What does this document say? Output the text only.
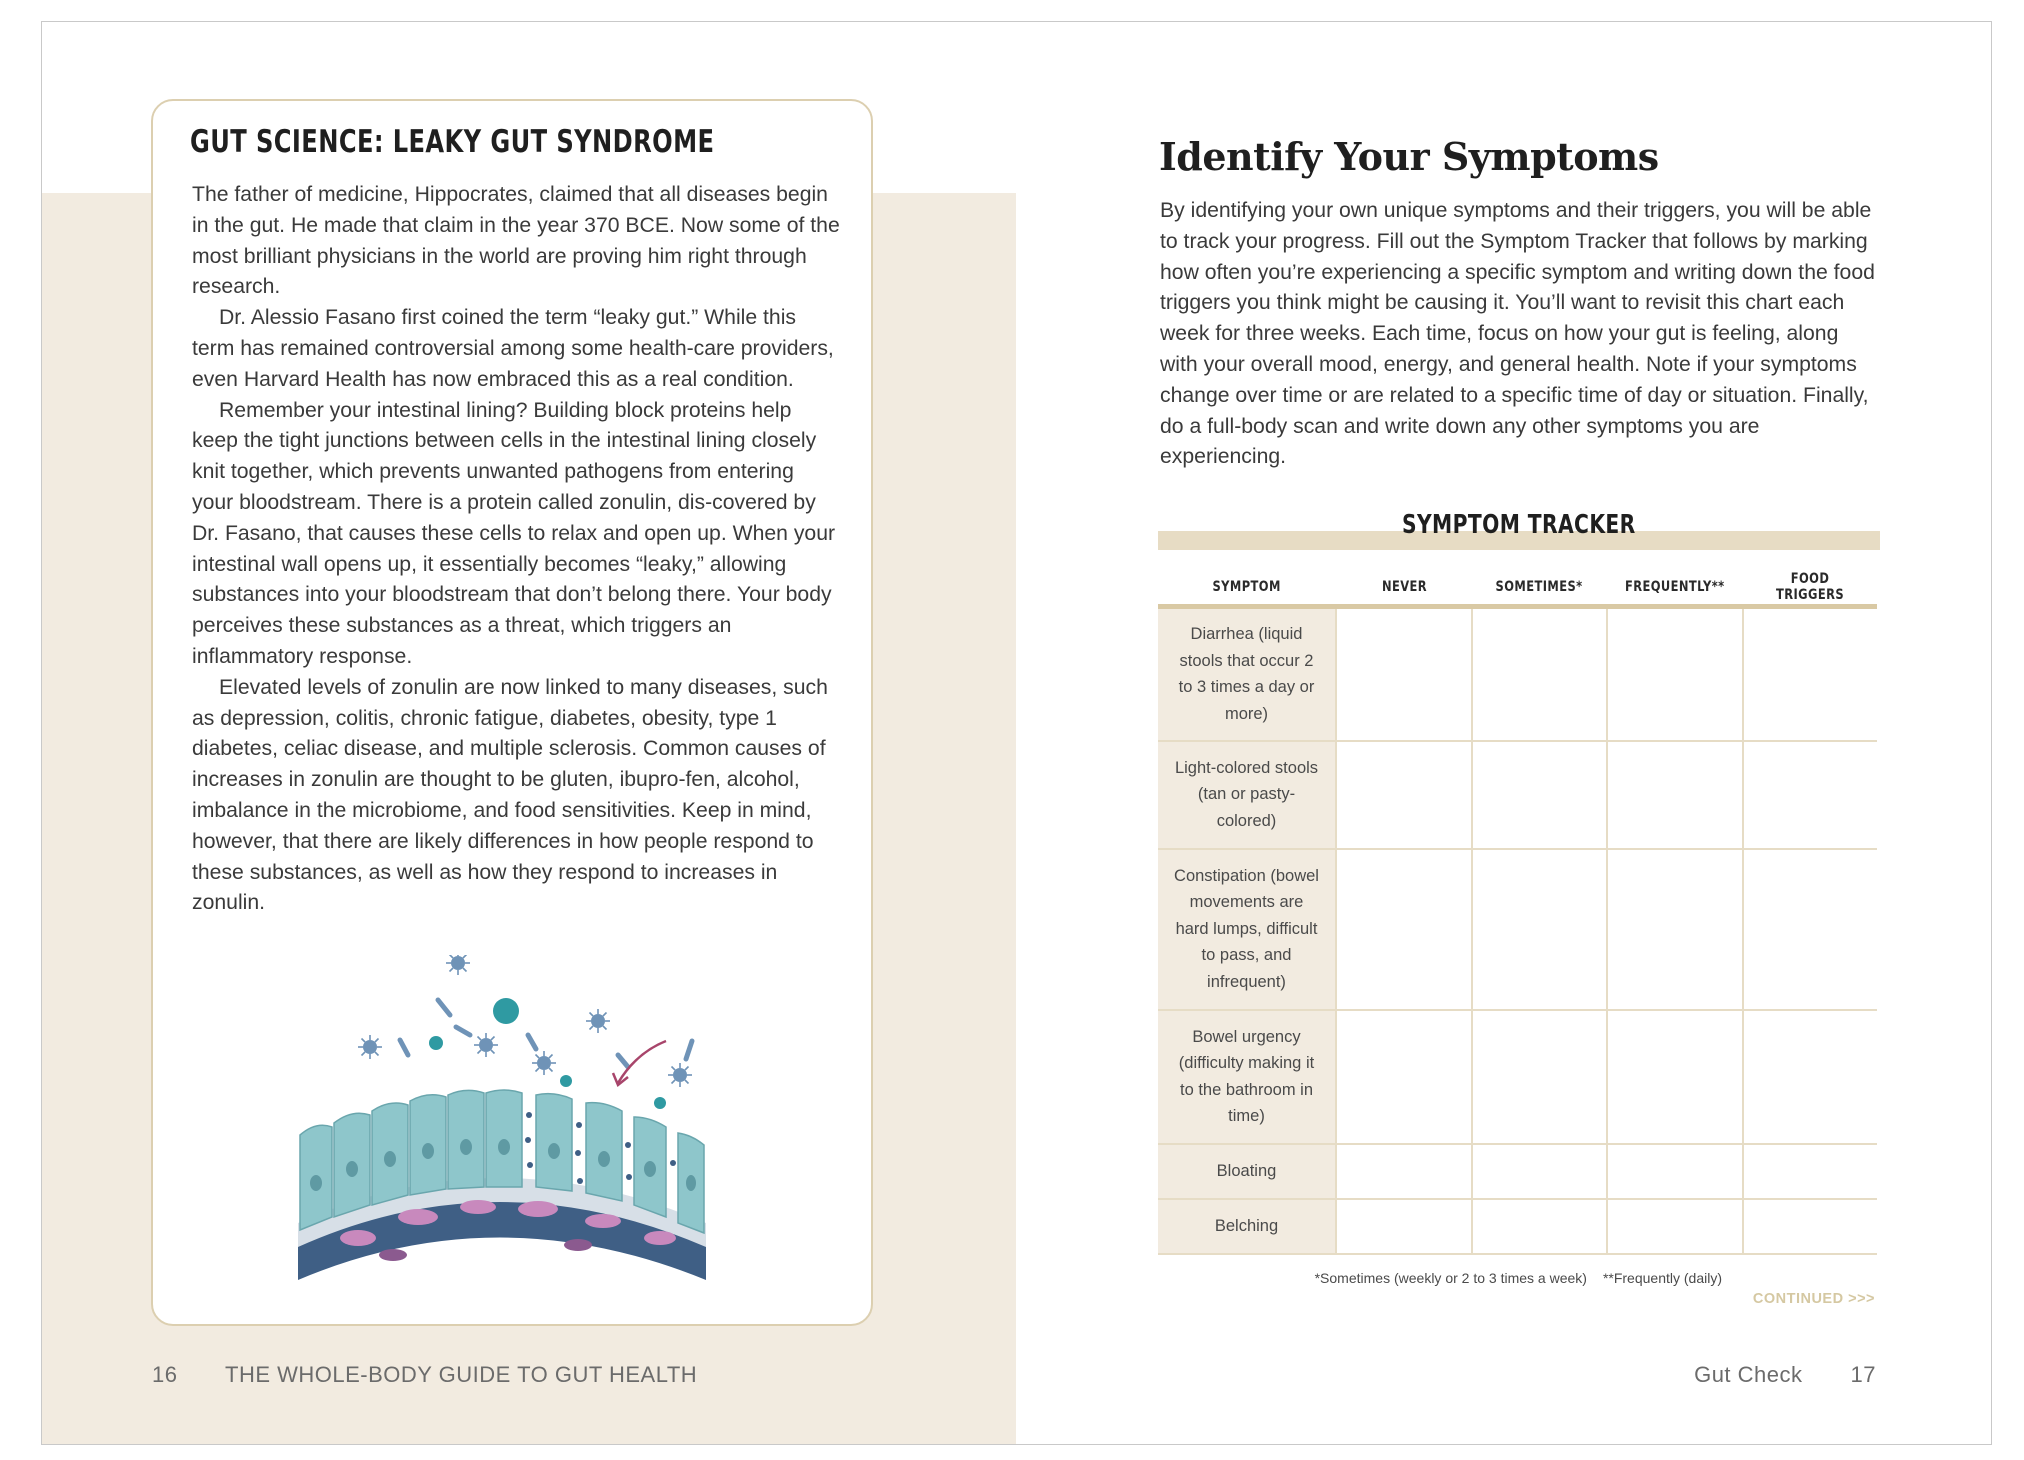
GUT SCIENCE: LEAKY GUT SYNDROME

The father of medicine, Hippocrates, claimed that all diseases begin in the gut. He made that claim in the year 370 BCE. Now some of the most brilliant physicians in the world are proving him right through research.

Dr. Alessio Fasano first coined the term “leaky gut.” While this term has remained controversial among some health-care providers, even Harvard Health has now embraced this as a real condition.

Remember your intestinal lining? Building block proteins help keep the tight junctions between cells in the intestinal lining closely knit together, which prevents unwanted pathogens from entering your bloodstream. There is a protein called zonulin, dis-covered by Dr. Fasano, that causes these cells to relax and open up. When your intestinal wall opens up, it essentially becomes “leaky,” allowing substances into your bloodstream that don’t belong there. Your body perceives these substances as a threat, which triggers an inflammatory response.

Elevated levels of zonulin are now linked to many diseases, such as depression, colitis, chronic fatigue, diabetes, obesity, type 1 diabetes, celiac disease, and multiple sclerosis. Common causes of increases in zonulin are thought to be gluten, ibupro-fen, alcohol, imbalance in the microbiome, and food sensitivities. Keep in mind, however, that there are likely differences in how people respond to these substances, as well as how they respond to increases in zonulin.

16 THE WHOLE-BODY GUIDE TO GUT HEALTH
Identify Your Symptoms

By identifying your own unique symptoms and their triggers, you will be able to track your progress. Fill out the Symptom Tracker that follows by marking how often you’re experiencing a specific symptom and writing down the food triggers you think might be causing it. You’ll want to revisit this chart each week for three weeks. Each time, focus on how your gut is feeling, along with your overall mood, energy, and general health. Note if your symptoms change over time or are related to a specific time of day or situation. Finally, do a full-body scan and write down any other symptoms you are experiencing.

SYMPTOM TRACKER
SYMPTOM	NEVER	SOMETIMES*	FREQUENTLY**	FOOD TRIGGERS
Diarrhea (liquid stools that occur 2 to 3 times a day or more)				
Light-colored stools (tan or pasty-colored)				
Constipation (bowel movements are hard lumps, difficult to pass, and infrequent)				
Bowel urgency (difficulty making it to the bathroom in time)				
Bloating				
Belching				
*Sometimes (weekly or 2 to 3 times a week) **Frequently (daily)
CONTINUED >>>
Gut Check 17
